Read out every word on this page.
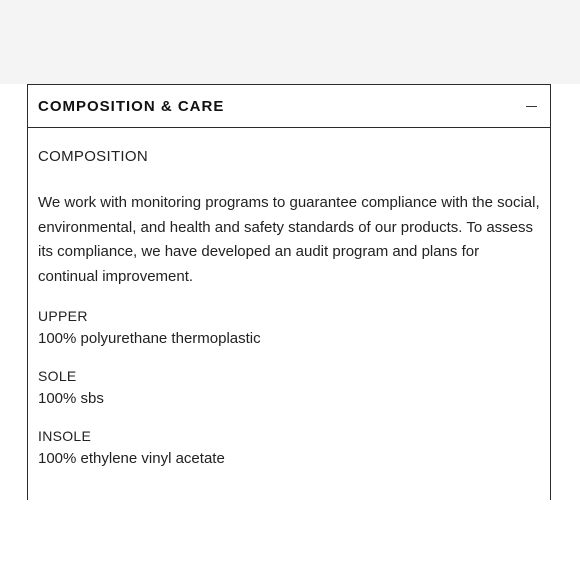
COMPOSITION & CARE
COMPOSITION
We work with monitoring programs to guarantee compliance with the social, environmental, and health and safety standards of our products. To assess its compliance, we have developed an audit program and plans for continual improvement.
UPPER
100% polyurethane thermoplastic
SOLE
100% sbs
INSOLE
100% ethylene vinyl acetate
